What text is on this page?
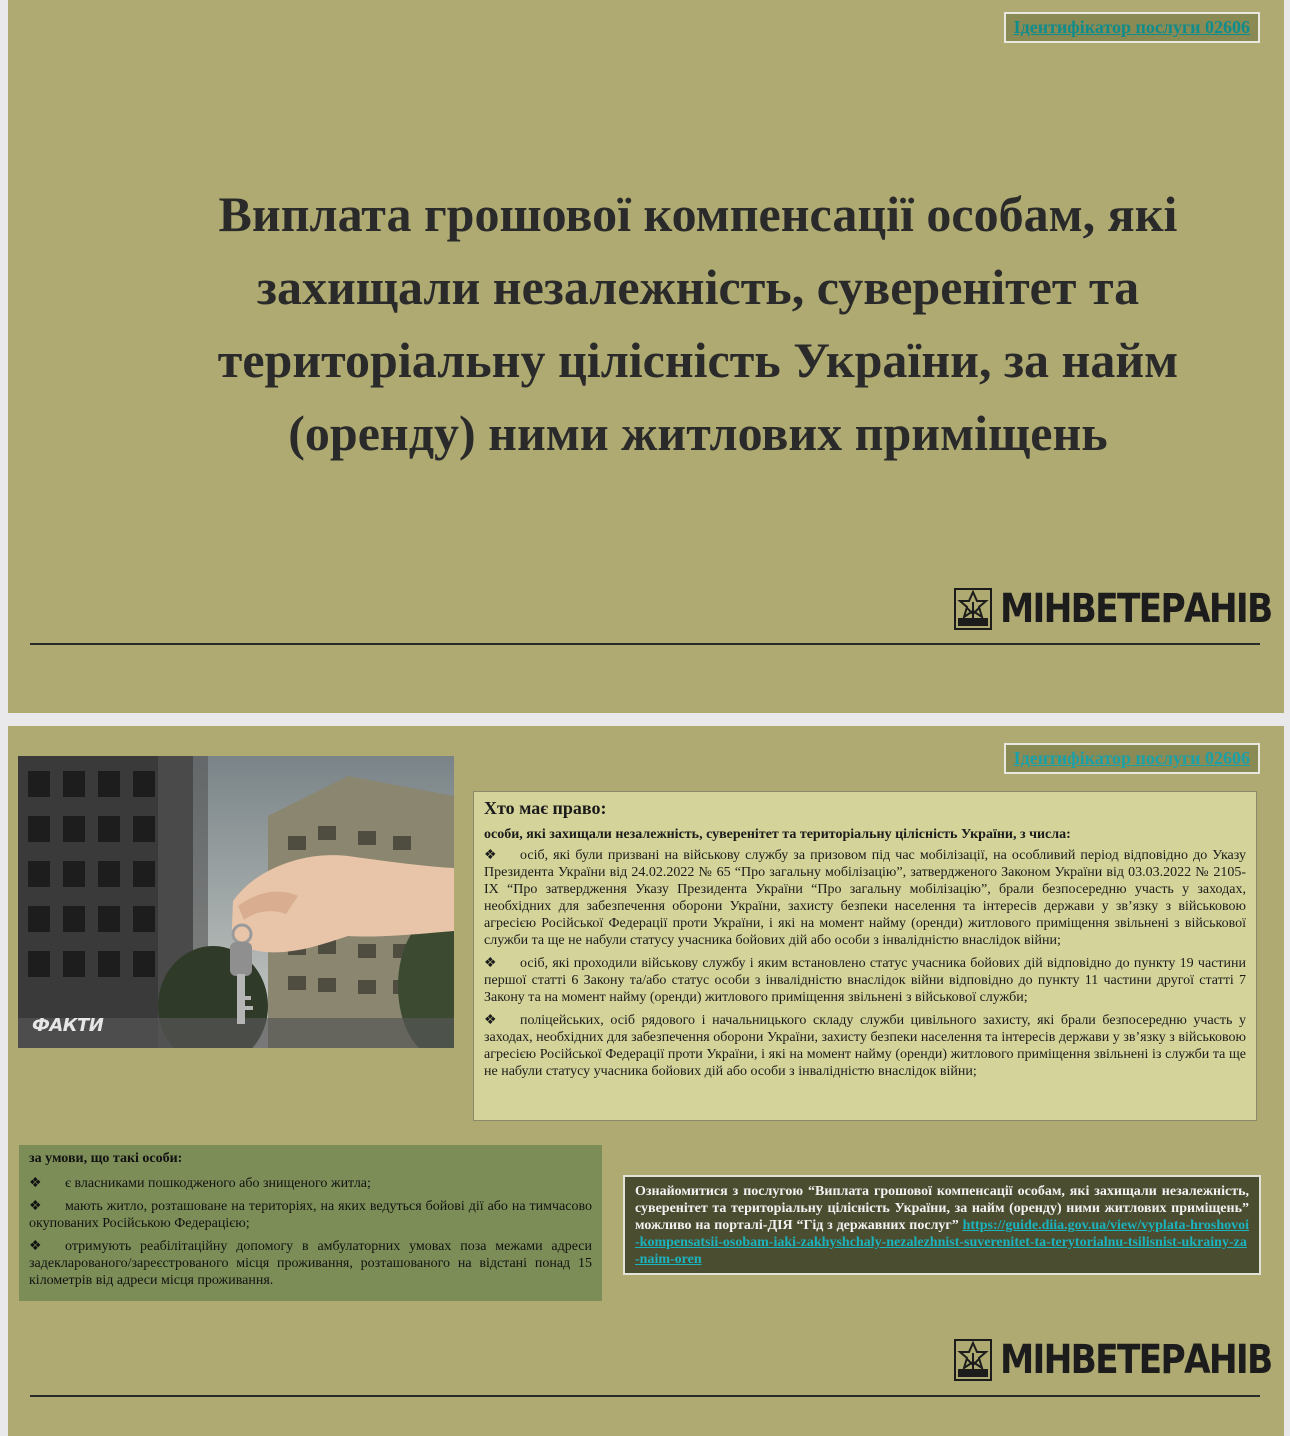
Ідентифікатор послуги 02606
Виплата грошової компенсації особам, які захищали незалежність, суверенітет та територіальну цілісність України, за найм (оренду) ними житлових приміщень
МІНВЕТЕРАНІВ
ФАКТИ
Ідентифікатор послуги 02606
Хто має право:
особи, які захищали незалежність, суверенітет та територіальну цілісність України, з числа:
❖ осіб, які були призвані на військову службу за призовом під час мобілізації, на особливий період відповідно до Указу Президента України від 24.02.2022 № 65 “Про загальну мобілізацію”, затвердженого Законом України від 03.03.2022 № 2105-ІХ “Про затвердження Указу Президента України “Про загальну мобілізацію”, брали безпосередню участь у заходах, необхідних для забезпечення оборони України, захисту безпеки населення та інтересів держави у зв’язку з військовою агресією Російської Федерації проти України, і які на момент найму (оренди) житлового приміщення звільнені з військової служби та ще не набули статусу учасника бойових дій або особи з інвалідністю внаслідок війни;
❖ осіб, які проходили військову службу і яким встановлено статус учасника бойових дій відповідно до пункту 19 частини першої статті 6 Закону та/або статус особи з інвалідністю внаслідок війни відповідно до пункту 11 частини другої статті 7 Закону та на момент найму (оренди) житлового приміщення звільнені з військової служби;
❖ поліцейських, осіб рядового і начальницького складу служби цивільного захисту, які брали безпосередню участь у заходах, необхідних для забезпечення оборони України, захисту безпеки населення та інтересів держави у зв’язку з військовою агресією Російської Федерації проти України, і які на момент найму (оренди) житлового приміщення звільнені із служби та ще не набули статусу учасника бойових дій або особи з інвалідністю внаслідок війни;
за умови, що такі особи:
❖ є власниками пошкодженого або знищеного житла;
❖ мають житло, розташоване на територіях, на яких ведуться бойові дії або на тимчасово окупованих Російською Федерацією;
❖ отримують реабілітаційну допомогу в амбулаторних умовах поза межами адреси задекларованого/зареєстрованого місця проживання, розташованого на відстані понад 15 кілометрів від адреси місця проживання.
Ознайомитися з послугою “Виплата грошової компенсації особам, які захищали незалежність, суверенітет та територіальну цілісність України, за найм (оренду) ними житлових приміщень” можливо на порталі-ДІЯ “Гід з державних послуг” https://guide.diia.gov.ua/view/vyplata-hroshovoi-kompensatsii-osobam-iaki-zakhyshchaly-nezalezhnist-suverenitet-ta-terytorialnu-tsilisnist-ukrainy-za-naim-oren
МІНВЕТЕРАНІВ
